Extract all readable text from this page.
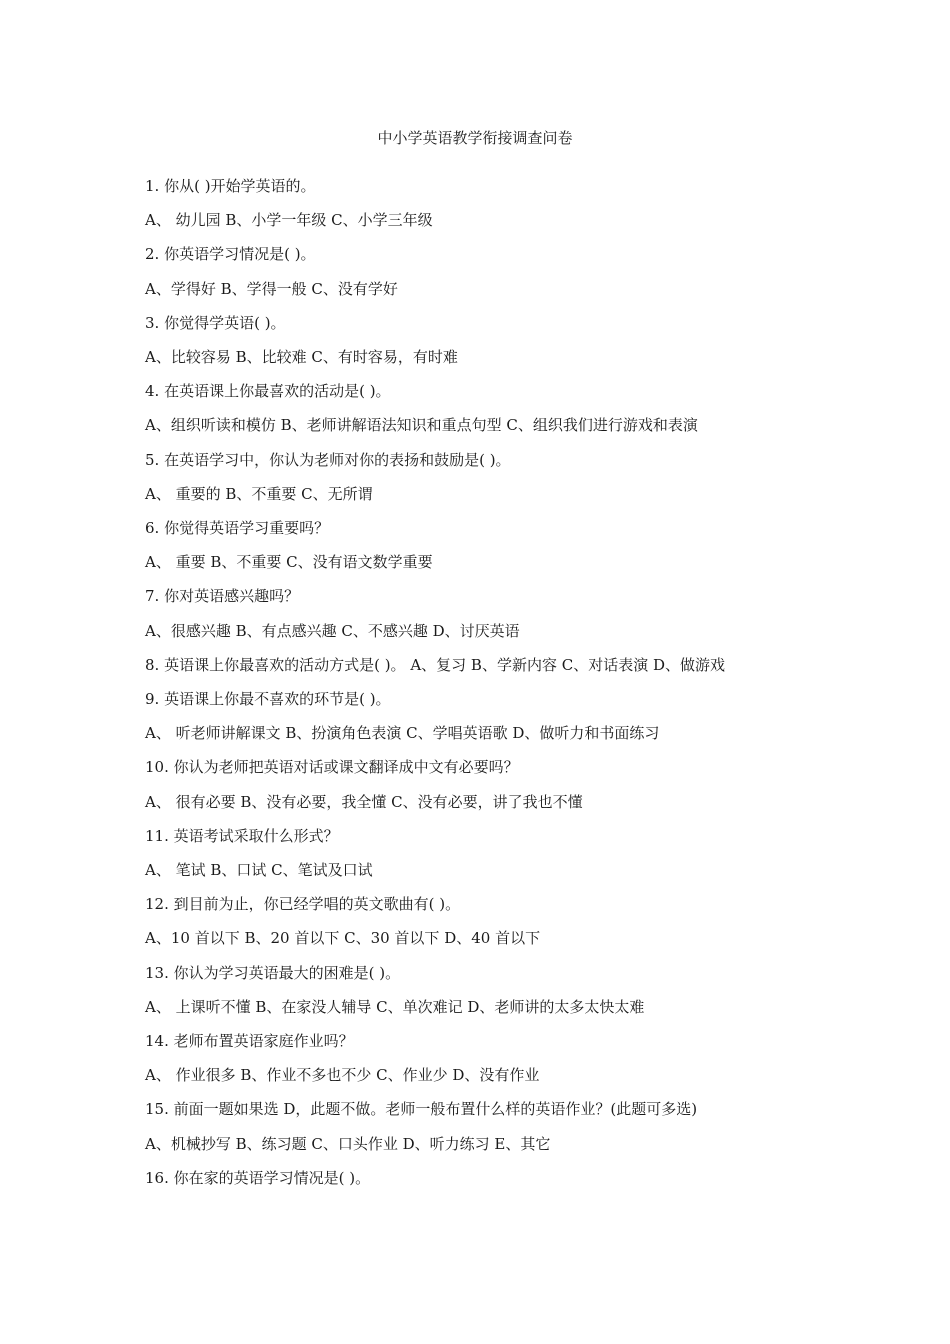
中小学英语教学衔接调查问卷
1. 你从( )开始学英语的。
A、 幼儿园 B、小学一年级 C、小学三年级
2. 你英语学习情况是( )。
A、学得好 B、学得一般 C、没有学好
3. 你觉得学英语( )。
A、比较容易 B、比较难 C、有时容易，有时难
4. 在英语课上你最喜欢的活动是( )。
A、组织听读和模仿 B、老师讲解语法知识和重点句型 C、组织我们进行游戏和表演
5. 在英语学习中，你认为老师对你的表扬和鼓励是( )。
A、 重要的 B、不重要 C、无所谓
6. 你觉得英语学习重要吗？
A、 重要 B、不重要 C、没有语文数学重要
7. 你对英语感兴趣吗？
A、很感兴趣 B、有点感兴趣 C、不感兴趣 D、讨厌英语
8. 英语课上你最喜欢的活动方式是( )。 A、复习 B、学新内容 C、对话表演 D、做游戏
9. 英语课上你最不喜欢的环节是( )。
A、 听老师讲解课文 B、扮演角色表演 C、学唱英语歌 D、做听力和书面练习
10. 你认为老师把英语对话或课文翻译成中文有必要吗？
A、 很有必要 B、没有必要，我全懂 C、没有必要，讲了我也不懂
11. 英语考试采取什么形式？
A、 笔试 B、口试 C、笔试及口试
12. 到目前为止，你已经学唱的英文歌曲有( )。
A、10 首以下 B、20 首以下 C、30 首以下 D、40 首以下
13. 你认为学习英语最大的困难是( )。
A、 上课听不懂 B、在家没人辅导 C、单次难记 D、老师讲的太多太快太难
14. 老师布置英语家庭作业吗？
A、 作业很多 B、作业不多也不少 C、作业少 D、没有作业
15. 前面一题如果选 D，此题不做。老师一般布置什么样的英语作业？(此题可多选)
A、机械抄写 B、练习题 C、口头作业 D、听力练习 E、其它
16. 你在家的英语学习情况是( )。
